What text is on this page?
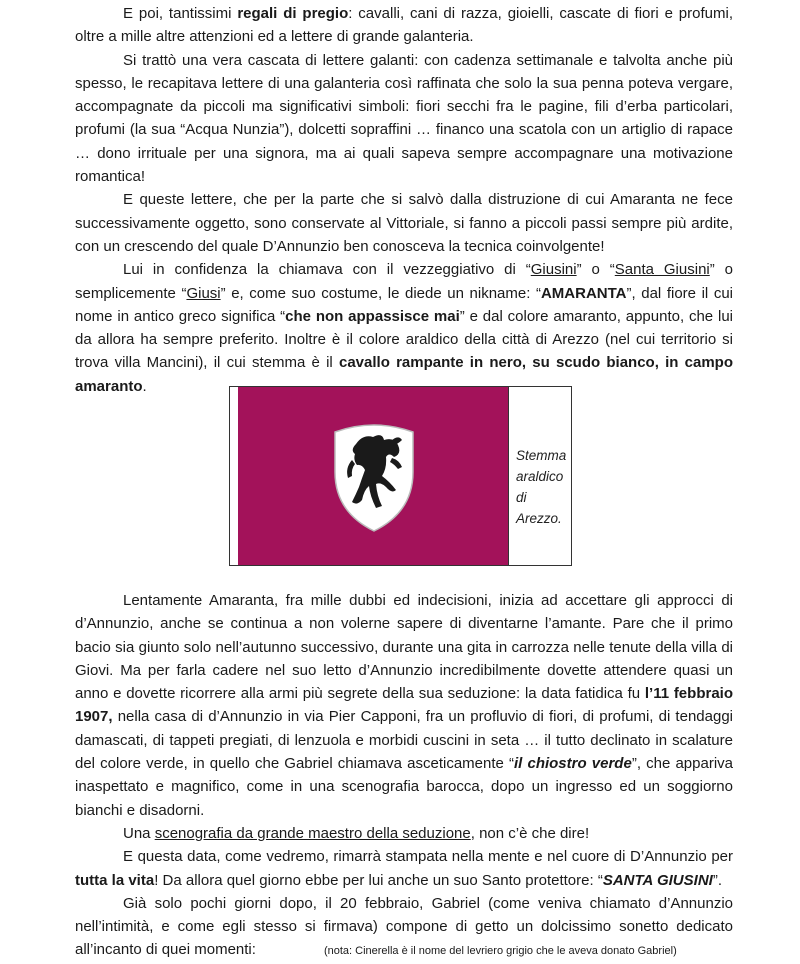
E poi, tantissimi regali di pregio: cavalli, cani di razza, gioielli, cascate di fiori e profumi, oltre a mille altre attenzioni ed a lettere di grande galanteria.

Si trattò una vera cascata di lettere galanti: con cadenza settimanale e talvolta anche più spesso, le recapitava lettere di una galanteria così raffinata che solo la sua penna poteva vergare, accompagnate da piccoli ma significativi simboli: fiori secchi fra le pagine, fili d’erba particolari, profumi (la sua “Acqua Nunzia”), dolcetti sopraffini … financo una scatola con un artiglio di rapace … dono irrituale per una signora, ma ai quali sapeva sempre accompagnare una motivazione romantica!

E queste lettere, che per la parte che si salvò dalla distruzione di cui Amaranta ne fece successivamente oggetto, sono conservate al Vittoriale, si fanno a piccoli passi sempre più ardite, con un crescendo del quale D’Annunzio ben conosceva la tecnica coinvolgente!

Lui in confidenza la chiamava con il vezzeggiativo di “Giusini” o “Santa Giusini” o semplicemente “Giusi” e, come suo costume, le diede un nikname: “AMARANTA”, dal fiore il cui nome in antico greco significa “che non appassisce mai” e dal colore amaranto, appunto, che lui da allora ha sempre preferito. Inoltre è il colore araldico della città di Arezzo (nel cui territorio si trova villa Mancini), il cui stemma è il cavallo rampante in nero, su scudo bianco, in campo amaranto.

Lentamente Amaranta, fra mille dubbi ed indecisioni, inizia ad accettare gli approcci di d’Annunzio, anche se continua a non volerne sapere di diventarne l’amante. Pare che il primo bacio sia giunto solo nell’autunno successivo, durante una gita in carrozza nelle tenute della villa di Giovi. Ma per farla cadere nel suo letto d’Annunzio incredibilmente dovette attendere quasi un anno e dovette ricorrere alla armi più segrete della sua seduzione: la data fatidica fu l’11 febbraio 1907, nella casa di d’Annunzio in via Pier Capponi, fra un profluvio di fiori, di profumi, di tendaggi damascati, di tappeti pregiati, di lenzuola e morbidi cuscini in seta … il tutto declinato in scalature del colore verde, in quello che Gabriel chiamava asceticamente “il chiostro verde”, che appariva inaspettato e magnifico, come in una scenografia barocca, dopo un ingresso ed un soggiorno bianchi e disadorni.

Una scenografia da grande maestro della seduzione, non c’è che dire!

E questa data, come vedremo, rimarrà stampata nella mente e nel cuore di D’Annunzio per tutta la vita! Da allora quel giorno ebbe per lui anche un suo Santo protettore: “SANTA GIUSINI”.

Già solo pochi giorni dopo, il 20 febbraio, Gabriel (come veniva chiamato d’Annunzio nell’intimità, e come egli stesso si firmava) compone di getto un dolcissimo sonetto dedicato all’incanto di quei momenti:	(nota: Cinerella è il nome del levriero grigio che le aveva donato Gabriel)

Stemma araldico di Arezzo.
